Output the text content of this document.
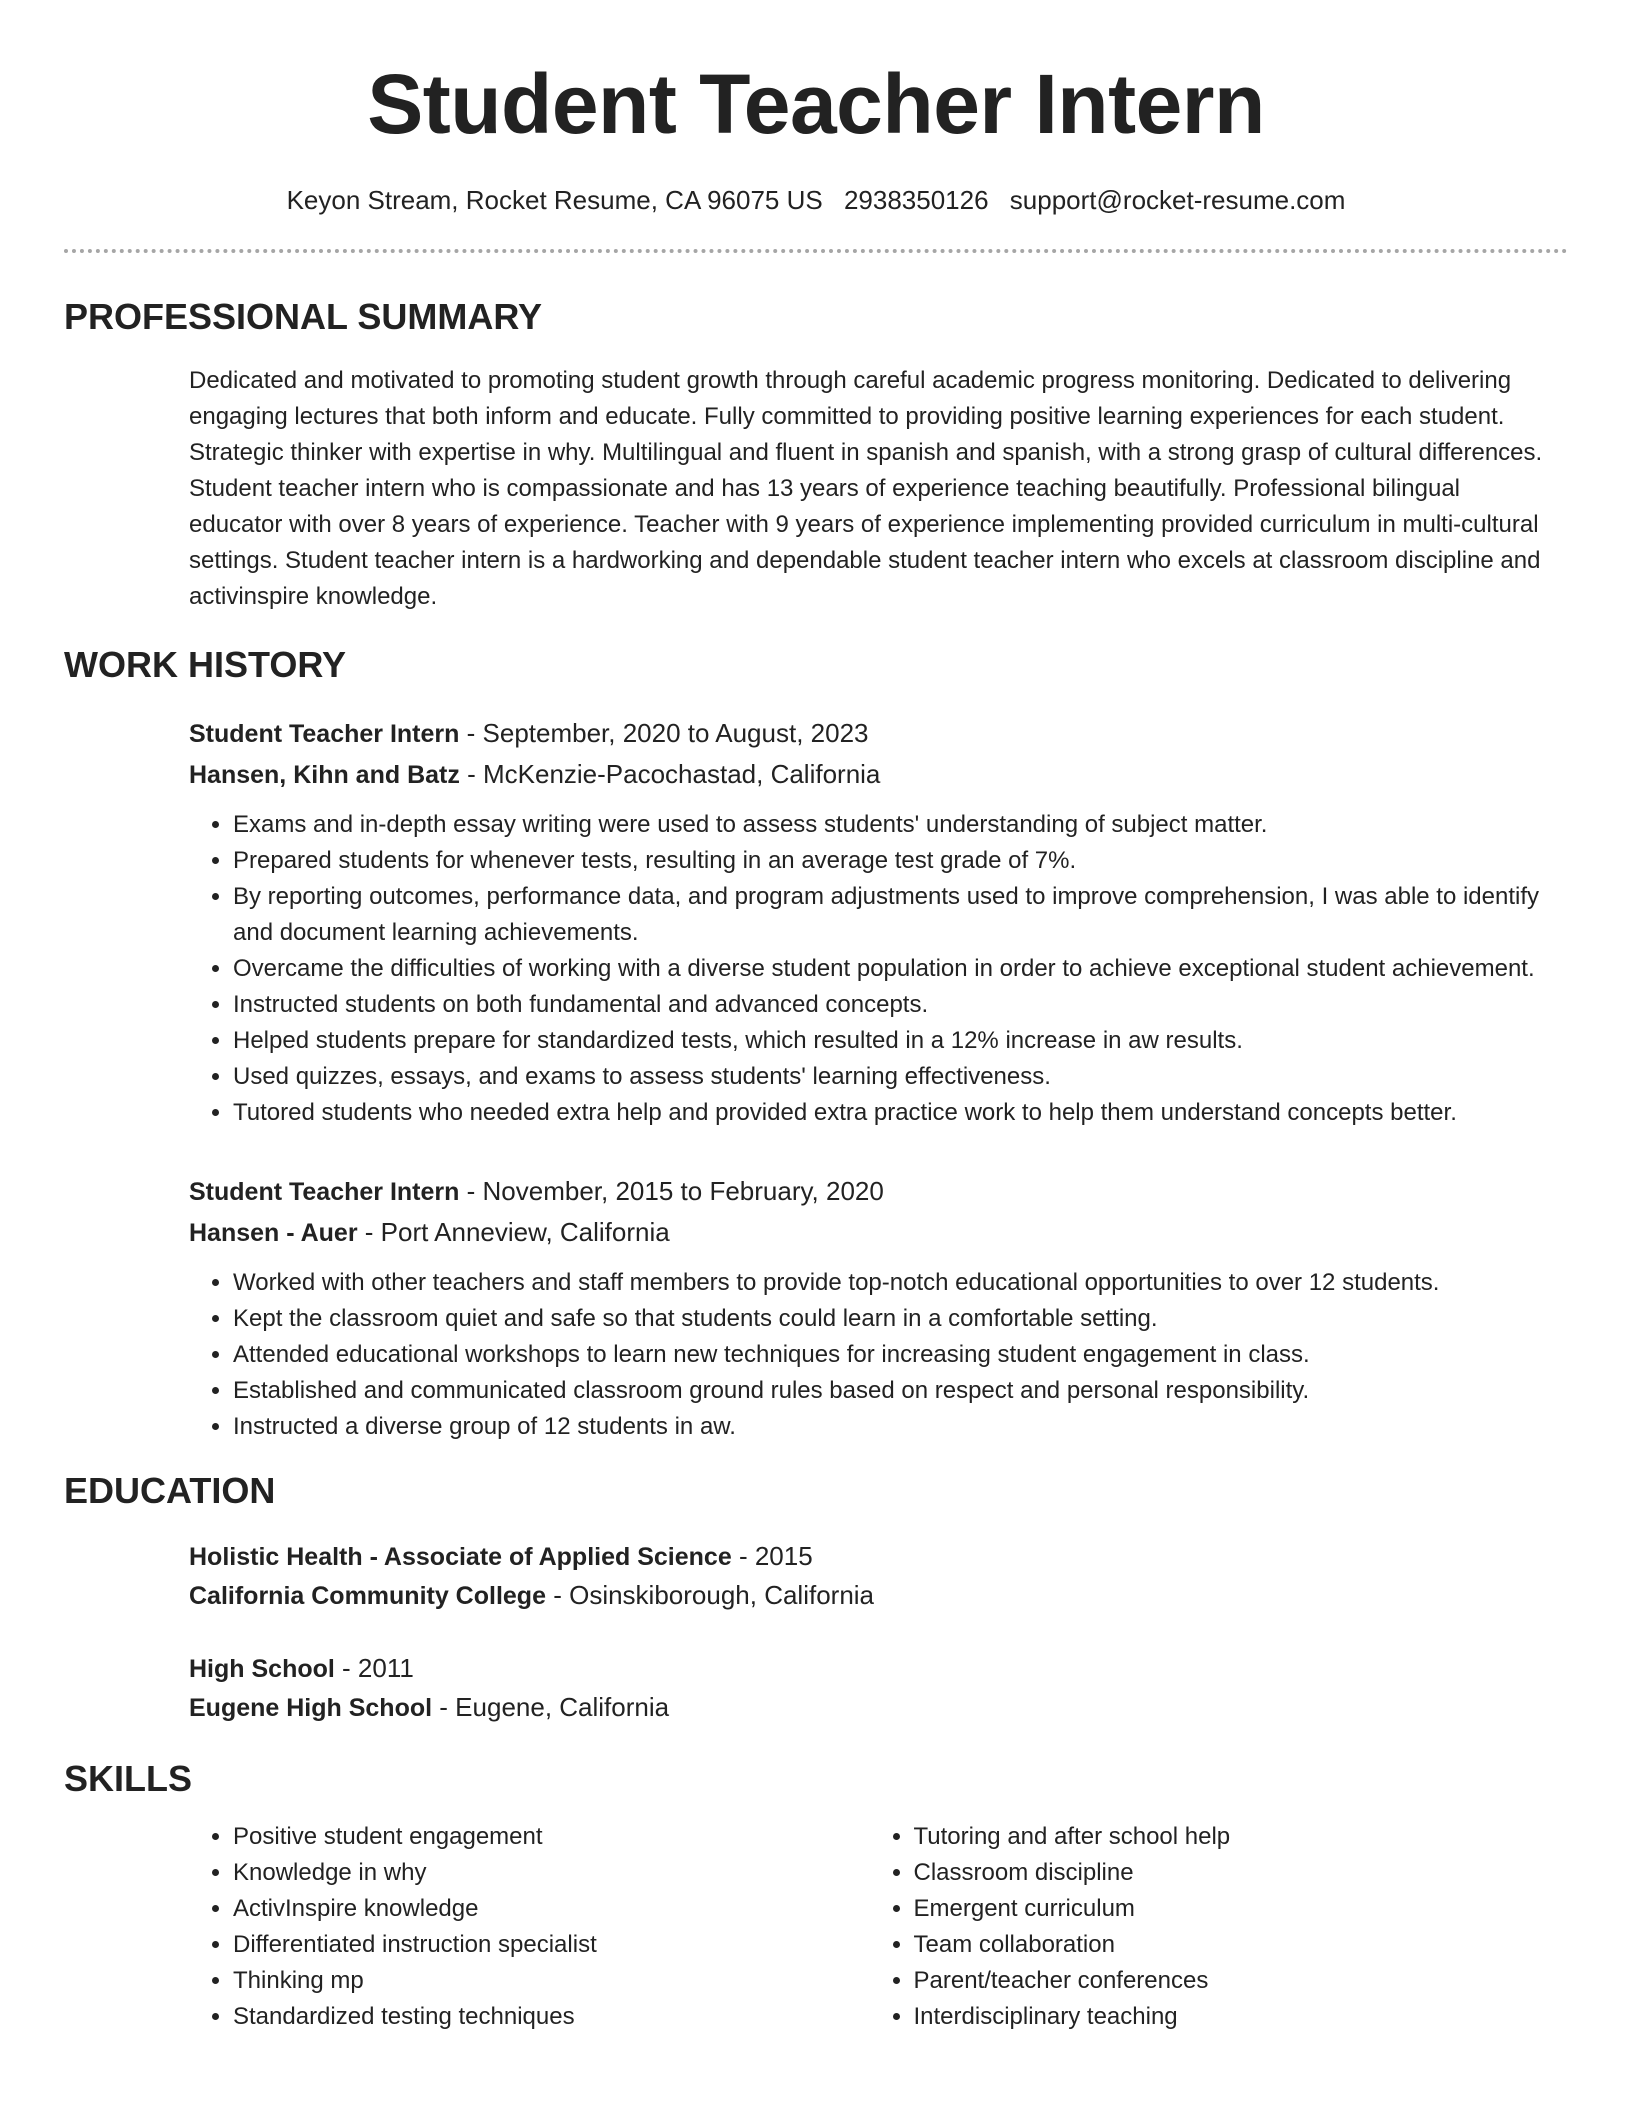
Student Teacher Intern
Keyon Stream, Rocket Resume, CA 96075 US 2938350126 support@rocket-resume.com
PROFESSIONAL SUMMARY
Dedicated and motivated to promoting student growth through careful academic progress monitoring. Dedicated to delivering engaging lectures that both inform and educate. Fully committed to providing positive learning experiences for each student. Strategic thinker with expertise in why. Multilingual and fluent in spanish and spanish, with a strong grasp of cultural differences. Student teacher intern who is compassionate and has 13 years of experience teaching beautifully. Professional bilingual educator with over 8 years of experience. Teacher with 9 years of experience implementing provided curriculum in multi-cultural settings. Student teacher intern is a hardworking and dependable student teacher intern who excels at classroom discipline and activinspire knowledge.
WORK HISTORY
Student Teacher Intern - September, 2020 to August, 2023
Hansen, Kihn and Batz - McKenzie-Pacochastad, California
• Exams and in-depth essay writing were used to assess students' understanding of subject matter.
• Prepared students for whenever tests, resulting in an average test grade of 7%.
• By reporting outcomes, performance data, and program adjustments used to improve comprehension, I was able to identify and document learning achievements.
• Overcame the difficulties of working with a diverse student population in order to achieve exceptional student achievement.
• Instructed students on both fundamental and advanced concepts.
• Helped students prepare for standardized tests, which resulted in a 12% increase in aw results.
• Used quizzes, essays, and exams to assess students' learning effectiveness.
• Tutored students who needed extra help and provided extra practice work to help them understand concepts better.
Student Teacher Intern - November, 2015 to February, 2020
Hansen - Auer - Port Anneview, California
• Worked with other teachers and staff members to provide top-notch educational opportunities to over 12 students.
• Kept the classroom quiet and safe so that students could learn in a comfortable setting.
• Attended educational workshops to learn new techniques for increasing student engagement in class.
• Established and communicated classroom ground rules based on respect and personal responsibility.
• Instructed a diverse group of 12 students in aw.
EDUCATION
Holistic Health - Associate of Applied Science - 2015
California Community College - Osinskiborough, California
High School - 2011
Eugene High School - Eugene, California
SKILLS
• Positive student engagement
• Knowledge in why
• ActivInspire knowledge
• Differentiated instruction specialist
• Thinking mp
• Standardized testing techniques
• Tutoring and after school help
• Classroom discipline
• Emergent curriculum
• Team collaboration
• Parent/teacher conferences
• Interdisciplinary teaching
